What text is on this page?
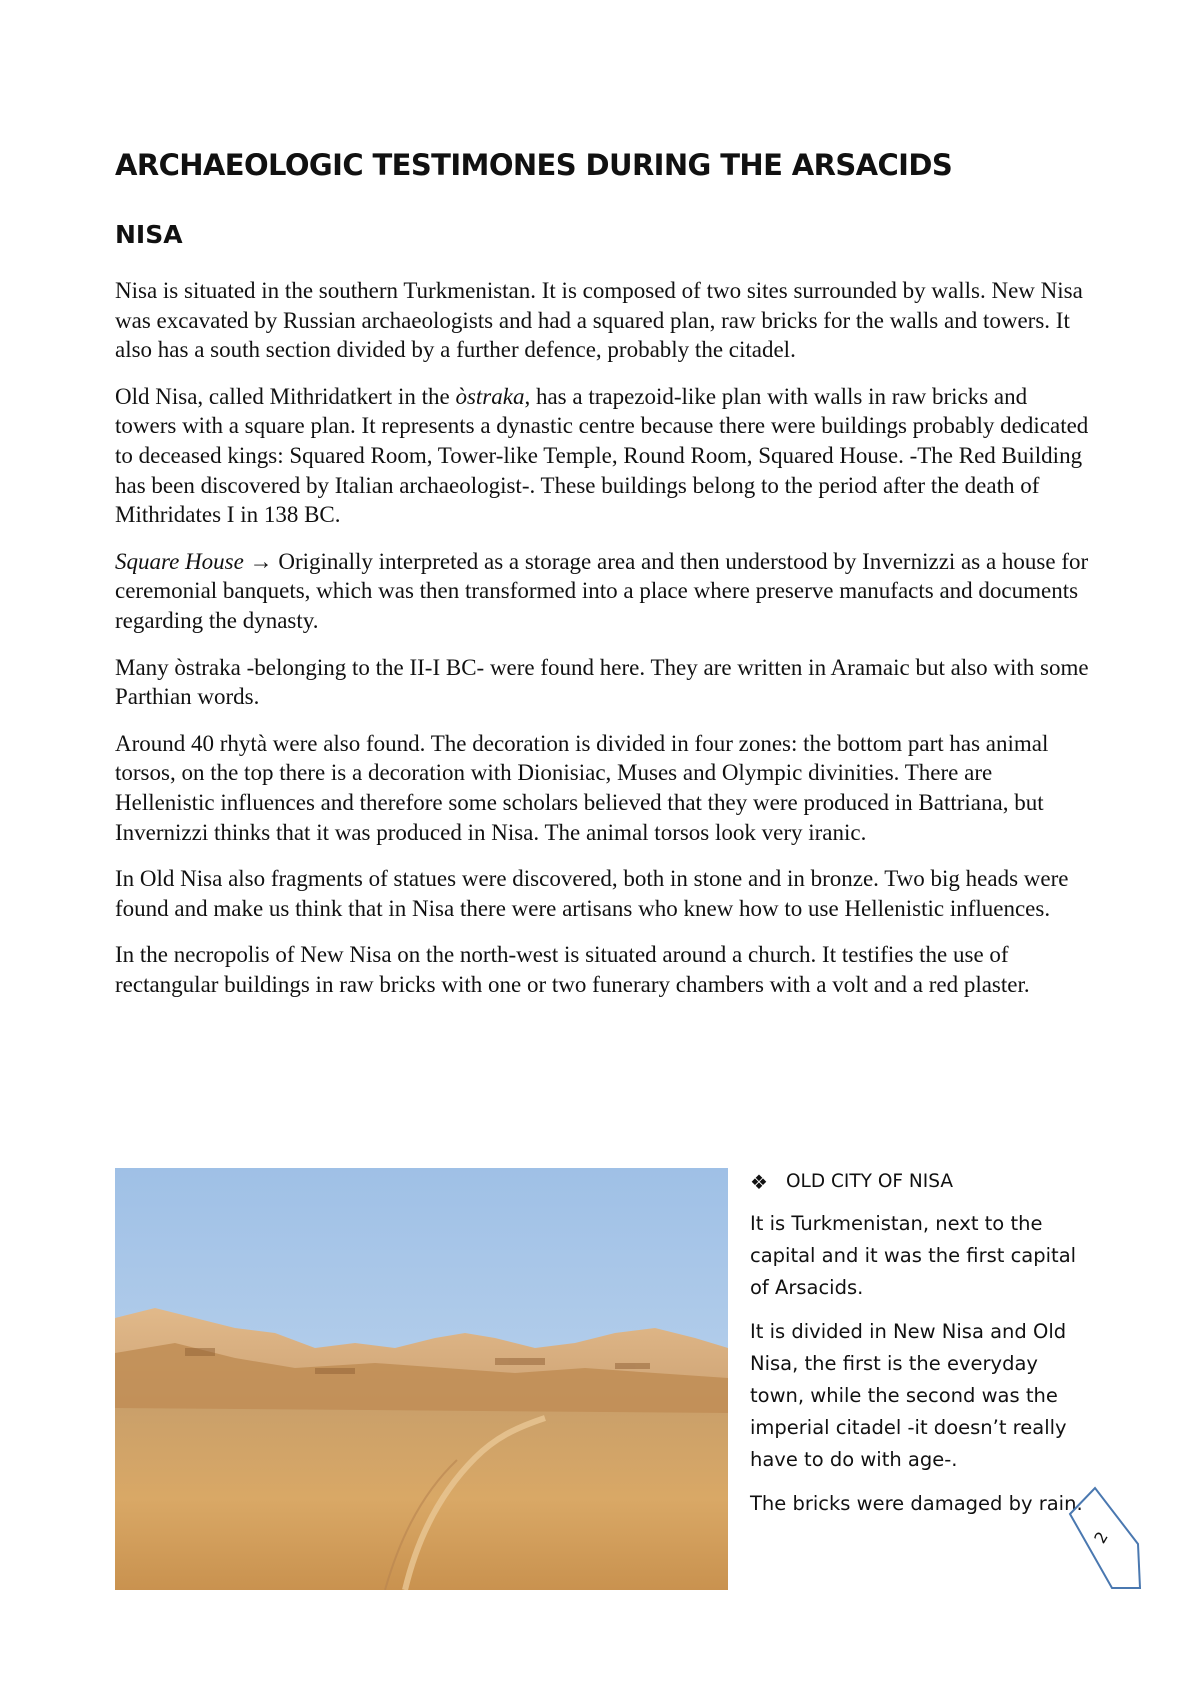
ARCHAEOLOGIC TESTIMONES DURING THE ARSACIDS
NISA

Nisa is situated in the southern Turkmenistan. It is composed of two sites surrounded by walls. New Nisa was excavated by Russian archaeologists and had a squared plan, raw bricks for the walls and towers. It also has a south section divided by a further defence, probably the citadel.

Old Nisa, called Mithridatkert in the òstraka, has a trapezoid-like plan with walls in raw bricks and towers with a square plan. It represents a dynastic centre because there were buildings probably dedicated to deceased kings: Squared Room, Tower-like Temple, Round Room, Squared House. -The Red Building has been discovered by Italian archaeologist-. These buildings belong to the period after the death of Mithridates I in 138 BC.

Square House → Originally interpreted as a storage area and then understood by Invernizzi as a house for ceremonial banquets, which was then transformed into a place where preserve manufacts and documents regarding the dynasty.

Many òstraka -belonging to the II-I BC- were found here. They are written in Aramaic but also with some Parthian words.

Around 40 rhytà were also found. The decoration is divided in four zones: the bottom part has animal torsos, on the top there is a decoration with Dionisiac, Muses and Olympic divinities. There are Hellenistic influences and therefore some scholars believed that they were produced in Battriana, but Invernizzi thinks that it was produced in Nisa. The animal torsos look very iranic.

In Old Nisa also fragments of statues were discovered, both in stone and in bronze. Two big heads were found and make us think that in Nisa there were artisans who knew how to use Hellenistic influences.

In the necropolis of New Nisa on the north-west is situated around a church. It testifies the use of rectangular buildings in raw bricks with one or two funerary chambers with a volt and a red plaster.

❖ OLD CITY OF NISA

It is Turkmenistan, next to the capital and it was the first capital of Arsacids.

It is divided in New Nisa and Old Nisa, the first is the everyday town, while the second was the imperial citadel -it doesn’t really have to do with age-.

The bricks were damaged by rain.

2
